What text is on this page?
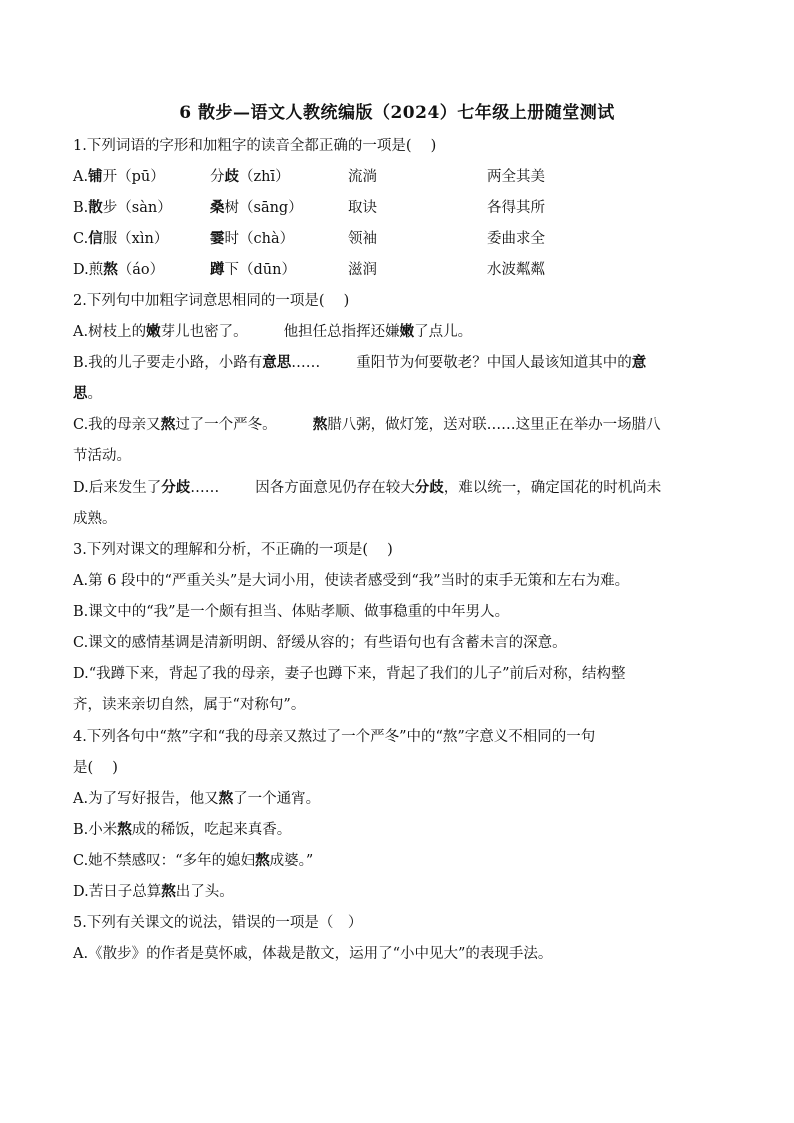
6 散步—语文人教统编版（2024）七年级上册随堂测试
1.下列词语的字形和加粗字的读音全都正确的一项是(　 )
A.铺开（pū）	分歧（zhī）	流淌	两全其美
B.散步（sàn）	桑树（sāng）	取诀	各得其所
C.信服（xìn）	霎时（chà）	领袖	委曲求全
D.煎熬（áo）	蹲下（dūn）	滋润	水波粼粼
2.下列句中加粗字词意思相同的一项是(　 )
A.树枝上的嫩芽儿也密了。 他担任总指挥还嫌嫩了点儿。
B.我的儿子要走小路，小路有意思…… 重阳节为何要敬老？中国人最该知道其中的意
思。
C.我的母亲又熬过了一个严冬。 熬腊八粥，做灯笼，送对联……这里正在举办一场腊八
节活动。
D.后来发生了分歧…… 因各方面意见仍存在较大分歧，难以统一，确定国花的时机尚未
成熟。
3.下列对课文的理解和分析，不正确的一项是(　 )
A.第 6 段中的“严重关头”是大词小用，使读者感受到“我”当时的束手无策和左右为难。
B.课文中的“我”是一个颇有担当、体贴孝顺、做事稳重的中年男人。
C.课文的感情基调是清新明朗、舒缓从容的；有些语句也有含蓄未言的深意。
D.“我蹲下来，背起了我的母亲，妻子也蹲下来，背起了我们的儿子”前后对称，结构整
齐，读来亲切自然，属于“对称句”。
4.下列各句中“熬”字和“我的母亲又熬过了一个严冬”中的“熬”字意义不相同的一句
是(　 )
A.为了写好报告，他又熬了一个通宵。
B.小米熬成的稀饭，吃起来真香。
C.她不禁感叹：“多年的媳妇熬成婆。”
D.苦日子总算熬出了头。
5.下列有关课文的说法，错误的一项是（　）
A.《散步》的作者是莫怀戚，体裁是散文，运用了“小中见大”的表现手法。
